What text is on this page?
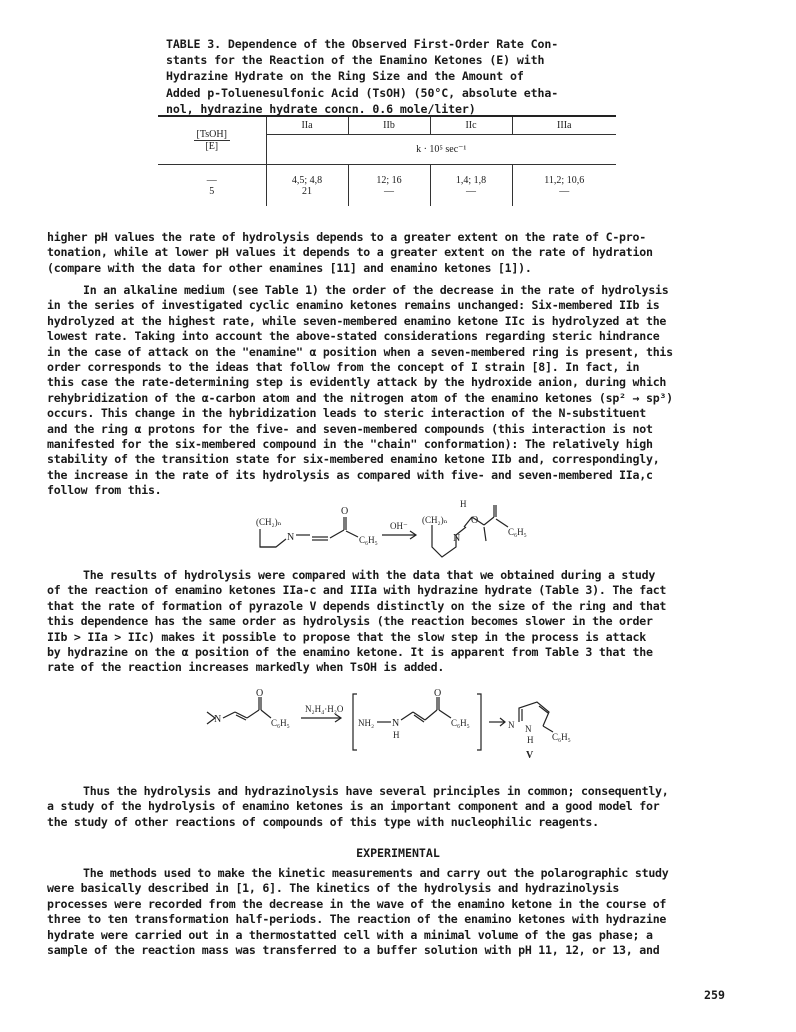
TABLE 3. Dependence of the Observed First-Order Rate Con-
stants for the Reaction of the Enamino Ketones (E) with
Hydrazine Hydrate on the Ring Size and the Amount of
Added p-Toluenesulfonic Acid (TsOH) (50°C, absolute etha-
nol, hydrazine hydrate concn. 0.6 mole/liter)

[TsOH]
[E]	IIa	IIb	IIc	IIIa
	k · 10⁵ sec⁻¹			
—	4,5; 4,8	12; 16	1,4; 1,8	11,2; 10,6
5	21	—	—	—
higher pH values the rate of hydrolysis depends to a greater extent on the rate of C-pro-
tonation, while at lower pH values it depends to a greater extent on the rate of hydration
(compare with the data for other enamines [11] and enamino ketones [1]).
In an alkaline medium (see Table 1) the order of the decrease in the rate of hydrolysis
in the series of investigated cyclic enamino ketones remains unchanged: Six-membered IIb is
hydrolyzed at the highest rate, while seven-membered enamino ketone IIc is hydrolyzed at the
lowest rate. Taking into account the above-stated considerations regarding steric hindrance
in the case of attack on the "enamine" α position when a seven-membered ring is present, this
order corresponds to the ideas that follow from the concept of I strain [8]. In fact, in
this case the rate-determining step is evidently attack by the hydroxide anion, during which
rehybridization of the α-carbon atom and the nitrogen atom of the enamino ketones (sp² → sp³)
occurs. This change in the hybridization leads to steric interaction of the N-substituent
and the ring α protons for the five- and seven-membered compounds (this interaction is not
manifested for the six-membered compound in the "chain" conformation): The relatively high
stability of the transition state for six-membered enamino ketone IIb and, correspondingly,
the increase in the rate of its hydrolysis as compared with five- and seven-membered IIa,c
follow from this.
(CH₂)ₙ
N
O
C₆H₅
OH⁻
H
(CH₂)ₙ
N
O
C₆H₅
The results of hydrolysis were compared with the data that we obtained during a study
of the reaction of enamino ketones IIa-c and IIIa with hydrazine hydrate (Table 3). The fact
that the rate of formation of pyrazole V depends distinctly on the size of the ring and that
this dependence has the same order as hydrolysis (the reaction becomes slower in the order
IIb > IIa > IIc) makes it possible to propose that the slow step in the process is attack
by hydrazine on the α position of the enamino ketone. It is apparent from Table 3 that the
rate of the reaction increases markedly when TsOH is added.
N
O
C₆H₅
N₂H₄·H₂O
NH₂ N
H
O
C₆H₅	N N
H C₆H₅
V
Thus the hydrolysis and hydrazinolysis have several principles in common; consequently,
a study of the hydrolysis of enamino ketones is an important component and a good model for
the study of other reactions of compounds of this type with nucleophilic reagents.
EXPERIMENTAL
The methods used to make the kinetic measurements and carry out the polarographic study
were basically described in [1, 6]. The kinetics of the hydrolysis and hydrazinolysis
processes were recorded from the decrease in the wave of the enamino ketone in the course of
three to ten transformation half-periods. The reaction of the enamino ketones with hydrazine
hydrate were carried out in a thermostatted cell with a minimal volume of the gas phase; a
sample of the reaction mass was transferred to a buffer solution with pH 11, 12, or 13, and
259
